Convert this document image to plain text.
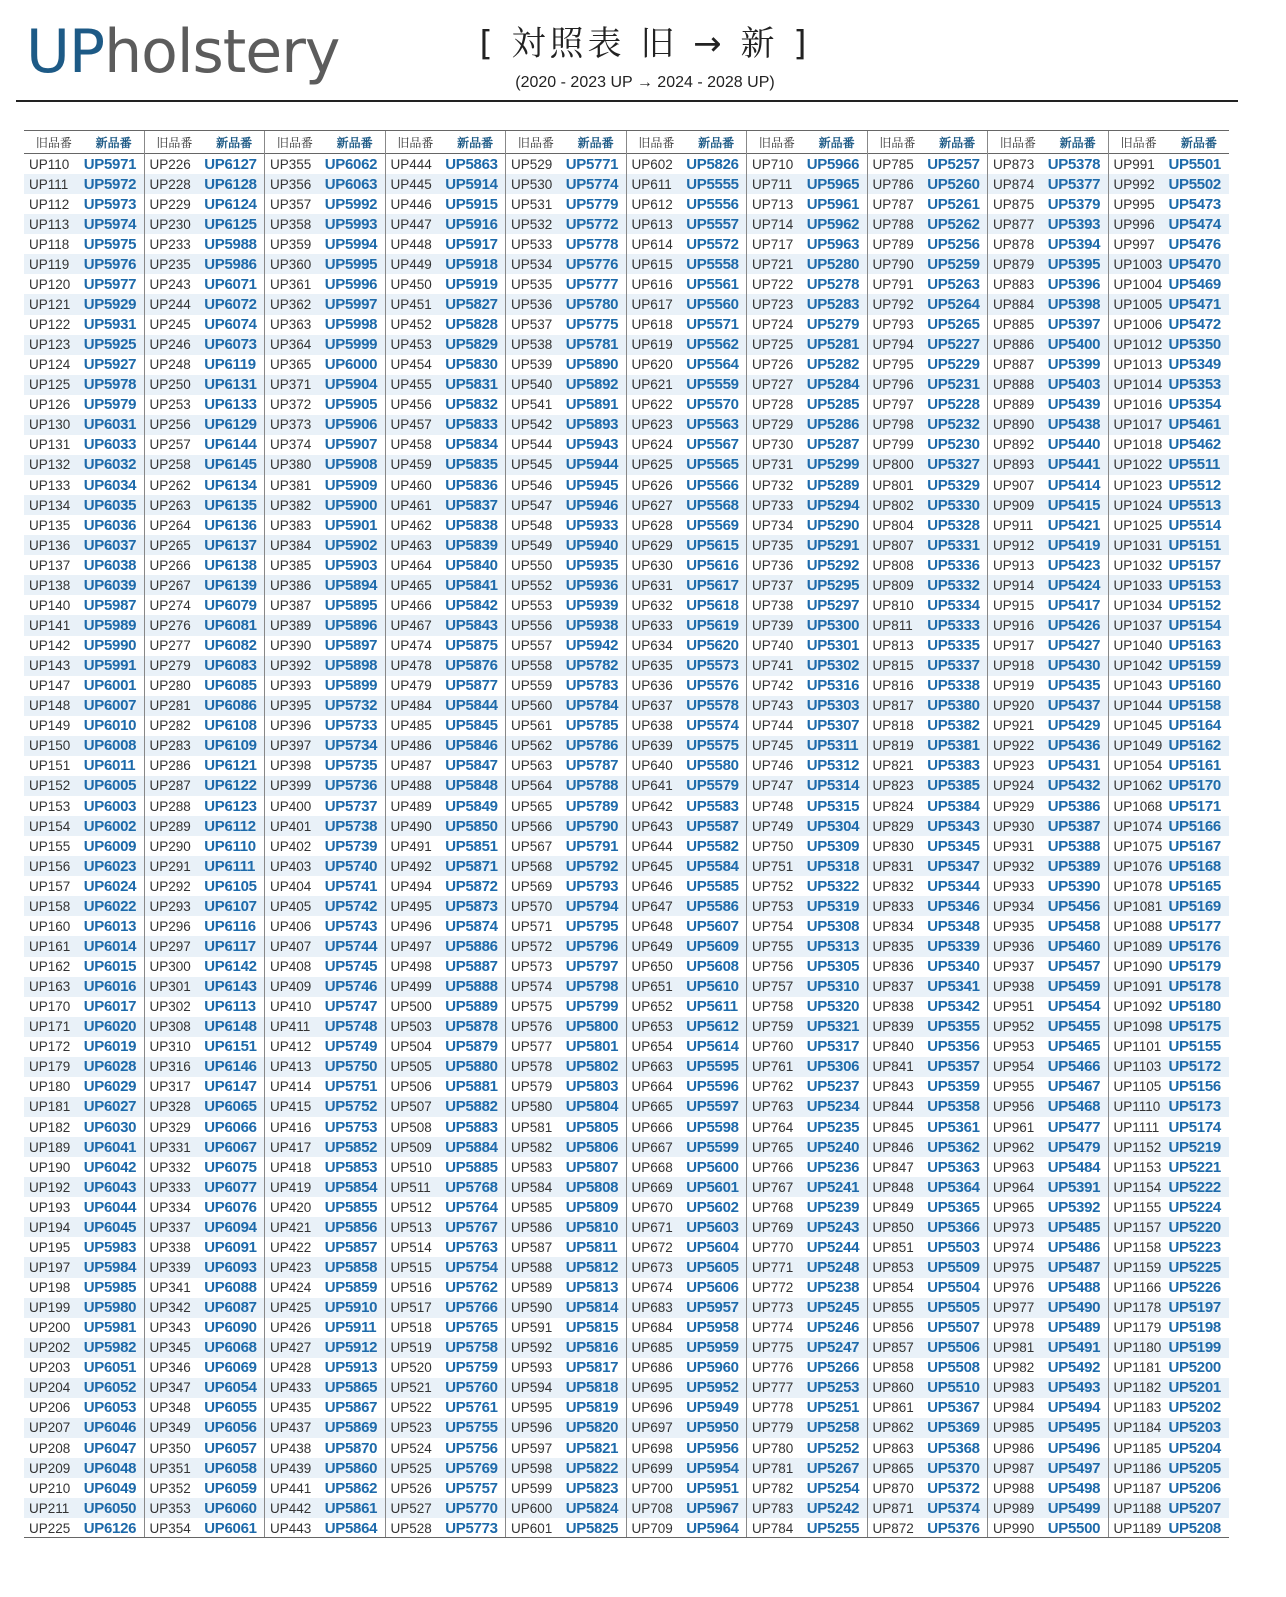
UPholstery	[ 対照表 旧 → 新 ]
(2020 - 2023 UP → 2024 - 2028 UP)
旧品番	新品番
UP110 UP5971
UP111	UP5972
UP112 UP5973
UP113 UP5974
UP118 UP5975
UP119 UP5976
UP120 UP5977
UP121 UP5929
UP122 UP5931
UP123 UP5925
UP124 UP5927
UP125 UP5978
UP126 UP5979
UP130 UP6031
UP131 UP6033
UP132 UP6032
UP133 UP6034
UP134 UP6035
UP135 UP6036
UP136 UP6037
UP137 UP6038
UP138 UP6039
UP140 UP5987
UP141 UP5989
UP142 UP5990
UP143 UP5991
UP147 UP6001
UP148 UP6007
UP149 UP6010
UP150 UP6008
UP151 UP6011
UP152 UP6005
UP153 UP6003
UP154 UP6002
UP155 UP6009
UP156 UP6023
UP157 UP6024
UP158 UP6022
UP160 UP6013
UP161 UP6014
UP162 UP6015
UP163 UP6016
UP170 UP6017
UP171 UP6020
UP172 UP6019
UP179 UP6028
UP180 UP6029
UP181 UP6027
UP182 UP6030
UP189 UP6041
UP190 UP6042
UP192 UP6043
UP193 UP6044
UP194 UP6045
UP195 UP5983
UP197 UP5984
UP198 UP5985
UP199 UP5980
UP200 UP5981
UP202 UP5982
UP203 UP6051
UP204 UP6052
UP206 UP6053
UP207 UP6046
UP208 UP6047
UP209 UP6048
UP210 UP6049
UP211 UP6050
UP225 UP6126
旧品番	新品番
UP226 UP6127
UP228 UP6128
UP229 UP6124
UP230 UP6125
UP233 UP5988
UP235 UP5986
UP243 UP6071
UP244 UP6072
UP245 UP6074
UP246 UP6073
UP248 UP6119
UP250 UP6131
UP253 UP6133
UP256 UP6129
UP257 UP6144
UP258 UP6145
UP262 UP6134
UP263 UP6135
UP264 UP6136
UP265 UP6137
UP266 UP6138
UP267 UP6139
UP274 UP6079
UP276 UP6081
UP277 UP6082
UP279 UP6083
UP280 UP6085
UP281 UP6086
UP282 UP6108
UP283 UP6109
UP286 UP6121
UP287 UP6122
UP288 UP6123
UP289 UP6112
UP290 UP6110
UP291 UP6111
UP292 UP6105
UP293 UP6107
UP296 UP6116
UP297 UP6117
UP300 UP6142
UP301 UP6143
UP302 UP6113
UP308 UP6148
UP310 UP6151
UP316 UP6146
UP317 UP6147
UP328 UP6065
UP329 UP6066
UP331 UP6067
UP332 UP6075
UP333 UP6077
UP334 UP6076
UP337 UP6094
UP338 UP6091
UP339 UP6093
UP341 UP6088
UP342 UP6087
UP343 UP6090
UP345 UP6068
UP346 UP6069
UP347 UP6054
UP348 UP6055
UP349 UP6056
UP350 UP6057
UP351 UP6058
UP352 UP6059
UP353 UP6060
UP354 UP6061
旧品番	新品番
UP355 UP6062
UP356 UP6063
UP357 UP5992
UP358 UP5993
UP359 UP5994
UP360 UP5995
UP361 UP5996
UP362 UP5997
UP363 UP5998
UP364 UP5999
UP365 UP6000
UP371 UP5904
UP372 UP5905
UP373 UP5906
UP374 UP5907
UP380 UP5908
UP381 UP5909
UP382 UP5900
UP383 UP5901
UP384 UP5902
UP385 UP5903
UP386 UP5894
UP387 UP5895
UP389 UP5896
UP390 UP5897
UP392 UP5898
UP393 UP5899
UP395 UP5732
UP396 UP5733
UP397 UP5734
UP398 UP5735
UP399 UP5736
UP400 UP5737
UP401 UP5738
UP402 UP5739
UP403 UP5740
UP404 UP5741
UP405 UP5742
UP406 UP5743
UP407 UP5744
UP408 UP5745
UP409 UP5746
UP410 UP5747
UP411 UP5748
UP412 UP5749
UP413 UP5750
UP414 UP5751
UP415 UP5752
UP416 UP5753
UP417 UP5852
UP418 UP5853
UP419 UP5854
UP420 UP5855
UP421 UP5856
UP422 UP5857
UP423 UP5858
UP424 UP5859
UP425 UP5910
UP426 UP5911
UP427 UP5912
UP428 UP5913
UP433 UP5865
UP435 UP5867
UP437 UP5869
UP438 UP5870
UP439 UP5860
UP441 UP5862
UP442 UP5861
UP443 UP5864
旧品番	新品番
UP444 UP5863
UP445 UP5914
UP446 UP5915
UP447 UP5916
UP448 UP5917
UP449 UP5918
UP450 UP5919
UP451 UP5827
UP452 UP5828
UP453 UP5829
UP454 UP5830
UP455 UP5831
UP456 UP5832
UP457 UP5833
UP458 UP5834
UP459 UP5835
UP460 UP5836
UP461 UP5837
UP462 UP5838
UP463 UP5839
UP464 UP5840
UP465 UP5841
UP466 UP5842
UP467 UP5843
UP474 UP5875
UP478 UP5876
UP479 UP5877
UP484 UP5844
UP485 UP5845
UP486 UP5846
UP487 UP5847
UP488 UP5848
UP489 UP5849
UP490 UP5850
UP491 UP5851
UP492 UP5871
UP494 UP5872
UP495 UP5873
UP496 UP5874
UP497 UP5886
UP498 UP5887
UP499 UP5888
UP500 UP5889
UP503 UP5878
UP504 UP5879
UP505 UP5880
UP506 UP5881
UP507 UP5882
UP508 UP5883
UP509 UP5884
UP510 UP5885
UP511 UP5768
UP512 UP5764
UP513 UP5767
UP514 UP5763
UP515 UP5754
UP516 UP5762
UP517 UP5766
UP518 UP5765
UP519 UP5758
UP520 UP5759
UP521 UP5760
UP522 UP5761
UP523 UP5755
UP524 UP5756
UP525 UP5769
UP526 UP5757
UP527 UP5770
UP528 UP5773
旧品番	新品番
UP529 UP5771
UP530 UP5774
UP531 UP5779
UP532 UP5772
UP533 UP5778
UP534 UP5776
UP535 UP5777
UP536 UP5780
UP537 UP5775
UP538 UP5781
UP539 UP5890
UP540 UP5892
UP541 UP5891
UP542 UP5893
UP544 UP5943
UP545 UP5944
UP546 UP5945
UP547 UP5946
UP548 UP5933
UP549 UP5940
UP550 UP5935
UP552 UP5936
UP553 UP5939
UP556 UP5938
UP557 UP5942
UP558 UP5782
UP559 UP5783
UP560 UP5784
UP561 UP5785
UP562 UP5786
UP563 UP5787
UP564 UP5788
UP565 UP5789
UP566 UP5790
UP567 UP5791
UP568 UP5792
UP569 UP5793
UP570 UP5794
UP571 UP5795
UP572 UP5796
UP573 UP5797
UP574 UP5798
UP575 UP5799
UP576 UP5800
UP577 UP5801
UP578 UP5802
UP579 UP5803
UP580 UP5804
UP581 UP5805
UP582 UP5806
UP583 UP5807
UP584 UP5808
UP585 UP5809
UP586 UP5810
UP587 UP5811
UP588 UP5812
UP589 UP5813
UP590 UP5814
UP591 UP5815
UP592 UP5816
UP593 UP5817
UP594 UP5818
UP595 UP5819
UP596 UP5820
UP597 UP5821
UP598 UP5822
UP599 UP5823
UP600 UP5824
UP601 UP5825
旧品番	新品番
UP602 UP5826
UP611 UP5555
UP612 UP5556
UP613 UP5557
UP614 UP5572
UP615 UP5558
UP616 UP5561
UP617 UP5560
UP618 UP5571
UP619 UP5562
UP620 UP5564
UP621 UP5559
UP622 UP5570
UP623 UP5563
UP624 UP5567
UP625 UP5565
UP626 UP5566
UP627 UP5568
UP628 UP5569
UP629 UP5615
UP630 UP5616
UP631 UP5617
UP632 UP5618
UP633 UP5619
UP634 UP5620
UP635 UP5573
UP636 UP5576
UP637 UP5578
UP638 UP5574
UP639 UP5575
UP640 UP5580
UP641 UP5579
UP642 UP5583
UP643 UP5587
UP644 UP5582
UP645 UP5584
UP646 UP5585
UP647 UP5586
UP648 UP5607
UP649 UP5609
UP650 UP5608
UP651 UP5610
UP652 UP5611
UP653 UP5612
UP654 UP5614
UP663 UP5595
UP664 UP5596
UP665 UP5597
UP666 UP5598
UP667 UP5599
UP668 UP5600
UP669 UP5601
UP670 UP5602
UP671 UP5603
UP672 UP5604
UP673 UP5605
UP674 UP5606
UP683 UP5957
UP684 UP5958
UP685 UP5959
UP686 UP5960
UP695 UP5952
UP696 UP5949
UP697 UP5950
UP698 UP5956
UP699 UP5954
UP700 UP5951
UP708 UP5967
UP709 UP5964
旧品番	新品番
UP710 UP5966
UP711 UP5965
UP713 UP5961
UP714 UP5962
UP717 UP5963
UP721 UP5280
UP722 UP5278
UP723 UP5283
UP724 UP5279
UP725 UP5281
UP726 UP5282
UP727 UP5284
UP728 UP5285
UP729 UP5286
UP730 UP5287
UP731 UP5299
UP732 UP5289
UP733 UP5294
UP734 UP5290
UP735 UP5291
UP736 UP5292
UP737 UP5295
UP738 UP5297
UP739 UP5300
UP740 UP5301
UP741 UP5302
UP742 UP5316
UP743 UP5303
UP744 UP5307
UP745 UP5311
UP746 UP5312
UP747 UP5314
UP748 UP5315
UP749 UP5304
UP750 UP5309
UP751 UP5318
UP752 UP5322
UP753 UP5319
UP754 UP5308
UP755 UP5313
UP756 UP5305
UP757 UP5310
UP758 UP5320
UP759 UP5321
UP760 UP5317
UP761 UP5306
UP762 UP5237
UP763 UP5234
UP764 UP5235
UP765 UP5240
UP766 UP5236
UP767 UP5241
UP768 UP5239
UP769 UP5243
UP770 UP5244
UP771 UP5248
UP772 UP5238
UP773 UP5245
UP774 UP5246
UP775 UP5247
UP776 UP5266
UP777 UP5253
UP778 UP5251
UP779 UP5258
UP780 UP5252
UP781 UP5267
UP782 UP5254
UP783 UP5242
UP784 UP5255
旧品番	新品番
UP785 UP5257
UP786 UP5260
UP787 UP5261
UP788 UP5262
UP789 UP5256
UP790 UP5259
UP791 UP5263
UP792 UP5264
UP793 UP5265
UP794 UP5227
UP795 UP5229
UP796 UP5231
UP797 UP5228
UP798 UP5232
UP799 UP5230
UP800 UP5327
UP801 UP5329
UP802 UP5330
UP804 UP5328
UP807 UP5331
UP808 UP5336
UP809 UP5332
UP810 UP5334
UP811 UP5333
UP813 UP5335
UP815 UP5337
UP816 UP5338
UP817 UP5380
UP818 UP5382
UP819 UP5381
UP821 UP5383
UP823 UP5385
UP824 UP5384
UP829 UP5343
UP830 UP5345
UP831 UP5347
UP832 UP5344
UP833 UP5346
UP834 UP5348
UP835 UP5339
UP836 UP5340
UP837 UP5341
UP838 UP5342
UP839 UP5355
UP840 UP5356
UP841 UP5357
UP843 UP5359
UP844 UP5358
UP845 UP5361
UP846 UP5362
UP847 UP5363
UP848 UP5364
UP849 UP5365
UP850 UP5366
UP851 UP5503
UP853 UP5509
UP854 UP5504
UP855 UP5505
UP856 UP5507
UP857 UP5506
UP858 UP5508
UP860 UP5510
UP861 UP5367
UP862 UP5369
UP863 UP5368
UP865 UP5370
UP870 UP5372
UP871 UP5374
UP872 UP5376
旧品番	新品番
UP873 UP5378
UP874 UP5377
UP875 UP5379
UP877 UP5393
UP878 UP5394
UP879 UP5395
UP883 UP5396
UP884 UP5398
UP885 UP5397
UP886 UP5400
UP887 UP5399
UP888 UP5403
UP889 UP5439
UP890 UP5438
UP892 UP5440
UP893 UP5441
UP907 UP5414
UP909 UP5415
UP911 UP5421
UP912 UP5419
UP913 UP5423
UP914 UP5424
UP915 UP5417
UP916 UP5426
UP917 UP5427
UP918 UP5430
UP919 UP5435
UP920 UP5437
UP921 UP5429
UP922 UP5436
UP923 UP5431
UP924 UP5432
UP929 UP5386
UP930 UP5387
UP931 UP5388
UP932 UP5389
UP933 UP5390
UP934 UP5456
UP935 UP5458
UP936 UP5460
UP937 UP5457
UP938 UP5459
UP951 UP5454
UP952 UP5455
UP953 UP5465
UP954 UP5466
UP955 UP5467
UP956 UP5468
UP961 UP5477
UP962 UP5479
UP963 UP5484
UP964 UP5391
UP965 UP5392
UP973 UP5485
UP974 UP5486
UP975 UP5487
UP976 UP5488
UP977 UP5490
UP978 UP5489
UP981 UP5491
UP982 UP5492
UP983 UP5493
UP984 UP5494
UP985 UP5495
UP986 UP5496
UP987 UP5497
UP988 UP5498
UP989 UP5499
UP990 UP5500
旧品番	新品番
UP991 UP5501
UP992 UP5502
UP995 UP5473
UP996 UP5474
UP997 UP5476
UP1003 UP5470
UP1004 UP5469
UP1005 UP5471
UP1006 UP5472
UP1012 UP5350
UP1013 UP5349
UP1014 UP5353
UP1016 UP5354
UP1017 UP5461
UP1018 UP5462
UP1022 UP5511
UP1023 UP5512
UP1024 UP5513
UP1025 UP5514
UP1031 UP5151
UP1032 UP5157
UP1033 UP5153
UP1034 UP5152
UP1037 UP5154
UP1040 UP5163
UP1042 UP5159
UP1043 UP5160
UP1044 UP5158
UP1045 UP5164
UP1049 UP5162
UP1054 UP5161
UP1062 UP5170
UP1068 UP5171
UP1074 UP5166
UP1075 UP5167
UP1076 UP5168
UP1078 UP5165
UP1081 UP5169
UP1088 UP5177
UP1089 UP5176
UP1090 UP5179
UP1091 UP5178
UP1092 UP5180
UP1098 UP5175
UP1101 UP5155
UP1103 UP5172
UP1105 UP5156
UP1110 UP5173
UP1111 UP5174
UP1152 UP5219
UP1153 UP5221
UP1154 UP5222
UP1155 UP5224
UP1157 UP5220
UP1158 UP5223
UP1159 UP5225
UP1166 UP5226
UP1178 UP5197
UP1179 UP5198
UP1180 UP5199
UP1181 UP5200
UP1182 UP5201
UP1183 UP5202
UP1184 UP5203
UP1185 UP5204
UP1186 UP5205
UP1187 UP5206
UP1188 UP5207
UP1189 UP5208
